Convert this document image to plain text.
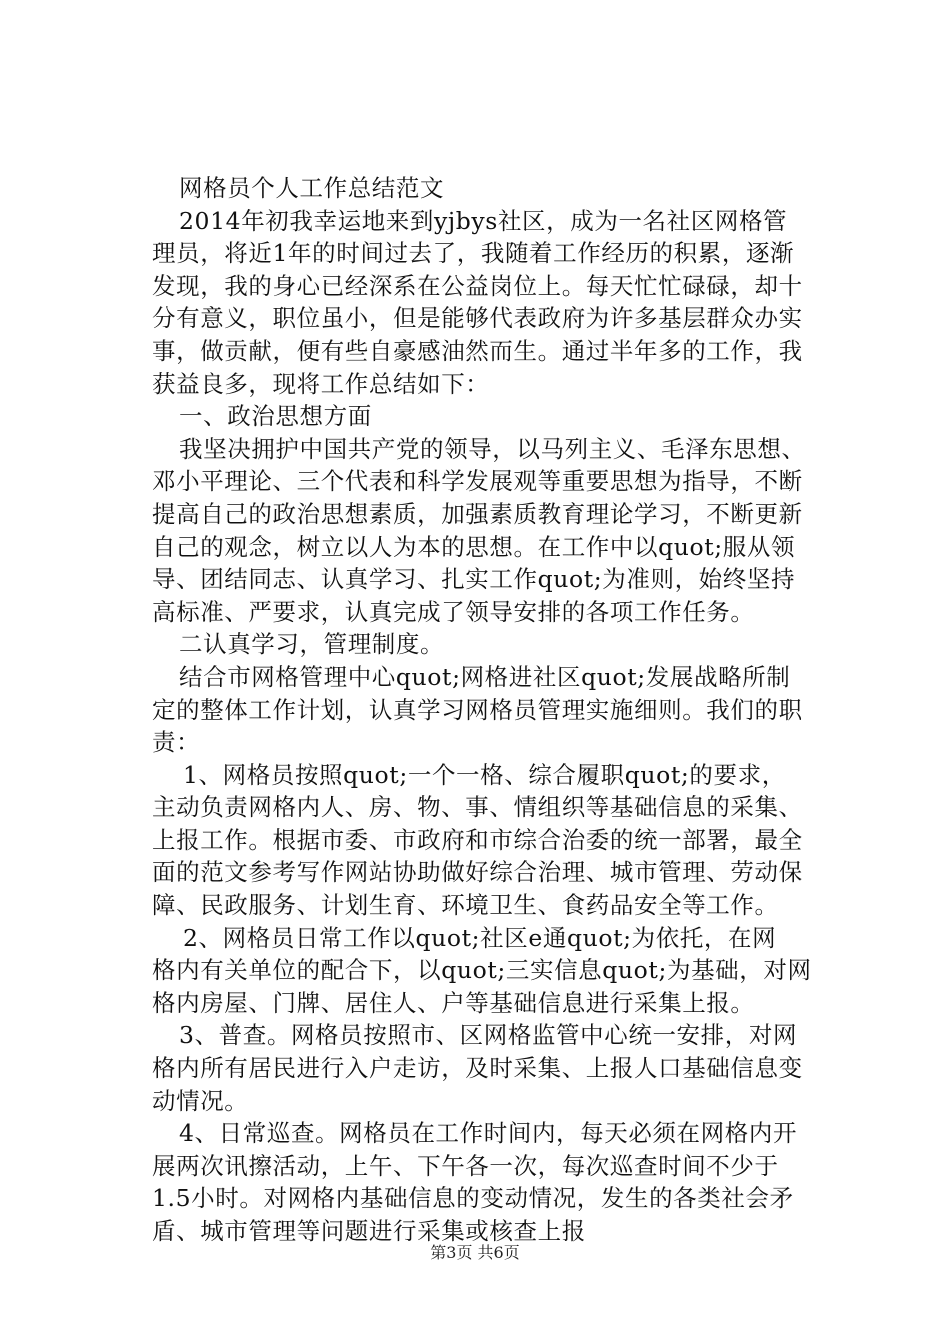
网格员个人工作总结范文
2014年初我幸运地来到yjbys社区，成为一名社区网格管
理员，将近1年的时间过去了，我随着工作经历的积累，逐渐
发现，我的身心已经深系在公益岗位上。每天忙忙碌碌，却十
分有意义，职位虽小，但是能够代表政府为许多基层群众办实
事，做贡献，便有些自豪感油然而生。通过半年多的工作，我
获益良多，现将工作总结如下：
一、政治思想方面
我坚决拥护中国共产党的领导，以马列主义、毛泽东思想、
邓小平理论、三个代表和科学发展观等重要思想为指导，不断
提高自己的政治思想素质，加强素质教育理论学习，不断更新
自己的观念，树立以人为本的思想。在工作中以quot;服从领
导、团结同志、认真学习、扎实工作quot;为准则，始终坚持
高标准、严要求，认真完成了领导安排的各项工作任务。
二认真学习，管理制度。
结合市网格管理中心quot;网格进社区quot;发展战略所制
定的整体工作计划，认真学习网格员管理实施细则。我们的职
责：
1、网格员按照quot;一个一格、综合履职quot;的要求，
主动负责网格内人、房、物、事、情组织等基础信息的采集、
上报工作。根据市委、市政府和市综合治委的统一部署，最全
面的范文参考写作网站协助做好综合治理、城市管理、劳动保
障、民政服务、计划生育、环境卫生、食药品安全等工作。
2、网格员日常工作以quot;社区e通quot;为依托，在网
格内有关单位的配合下，以quot;三实信息quot;为基础，对网
格内房屋、门牌、居住人、户等基础信息进行采集上报。
3、普查。网格员按照市、区网格监管中心统一安排，对网
格内所有居民进行入户走访，及时采集、上报人口基础信息变
动情况。
4、日常巡查。网格员在工作时间内，每天必须在网格内开
展两次讯擦活动，上午、下午各一次，每次巡查时间不少于
1.5小时。对网格内基础信息的变动情况，发生的各类社会矛
盾、城市管理等问题进行采集或核查上报
第3页 共6页
